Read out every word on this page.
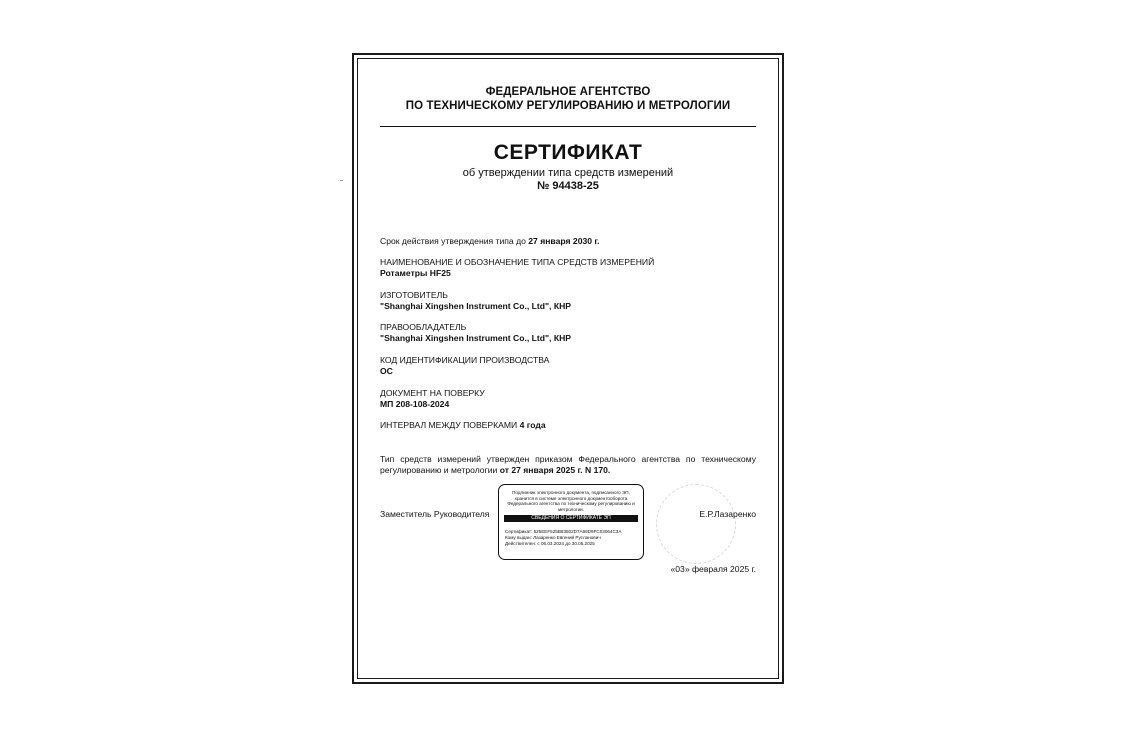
ФЕДЕРАЛЬНОЕ АГЕНТСТВО
ПО ТЕХНИЧЕСКОМУ РЕГУЛИРОВАНИЮ И МЕТРОЛОГИИ
СЕРТИФИКАТ
об утверждении типа средств измерений
№ 94438-25
Срок действия утверждения типа до 27 января 2030 г.
НАИМЕНОВАНИЕ И ОБОЗНАЧЕНИЕ ТИПА СРЕДСТВ ИЗМЕРЕНИЙ
Ротаметры HF25
ИЗГОТОВИТЕЛЬ
"Shanghai Xingshen Instrument Co., Ltd", КНР
ПРАВООБЛАДАТЕЛЬ
"Shanghai Xingshen Instrument Co., Ltd", КНР
КОД ИДЕНТИФИКАЦИИ ПРОИЗВОДСТВА
ОС
ДОКУМЕНТ НА ПОВЕРКУ
МП 208-108-2024
ИНТЕРВАЛ МЕЖДУ ПОВЕРКАМИ 4 года
Тип средств измерений утвержден приказом Федерального агентства по техническому регулированию и метрологии от 27 января 2025 г. N 170.
Заместитель Руководителя
Подлинник электронного документа, подписанного ЭП,
хранится в системе электронного документооборота
Федерального агентства по техническому регулированию и
метрологии.
СВЕДЕНИЯ О СЕРТИФИКАТЕ ЭП
Сертификат: 525EEF525B83502D7A69D9FC03064C3A
Кому выдан: Лазаренко Евгений Русланович
Действителен: с 06.03.2024 до 30.05.2025
Е.Р.Лазаренко
«03» февраля 2025 г.
